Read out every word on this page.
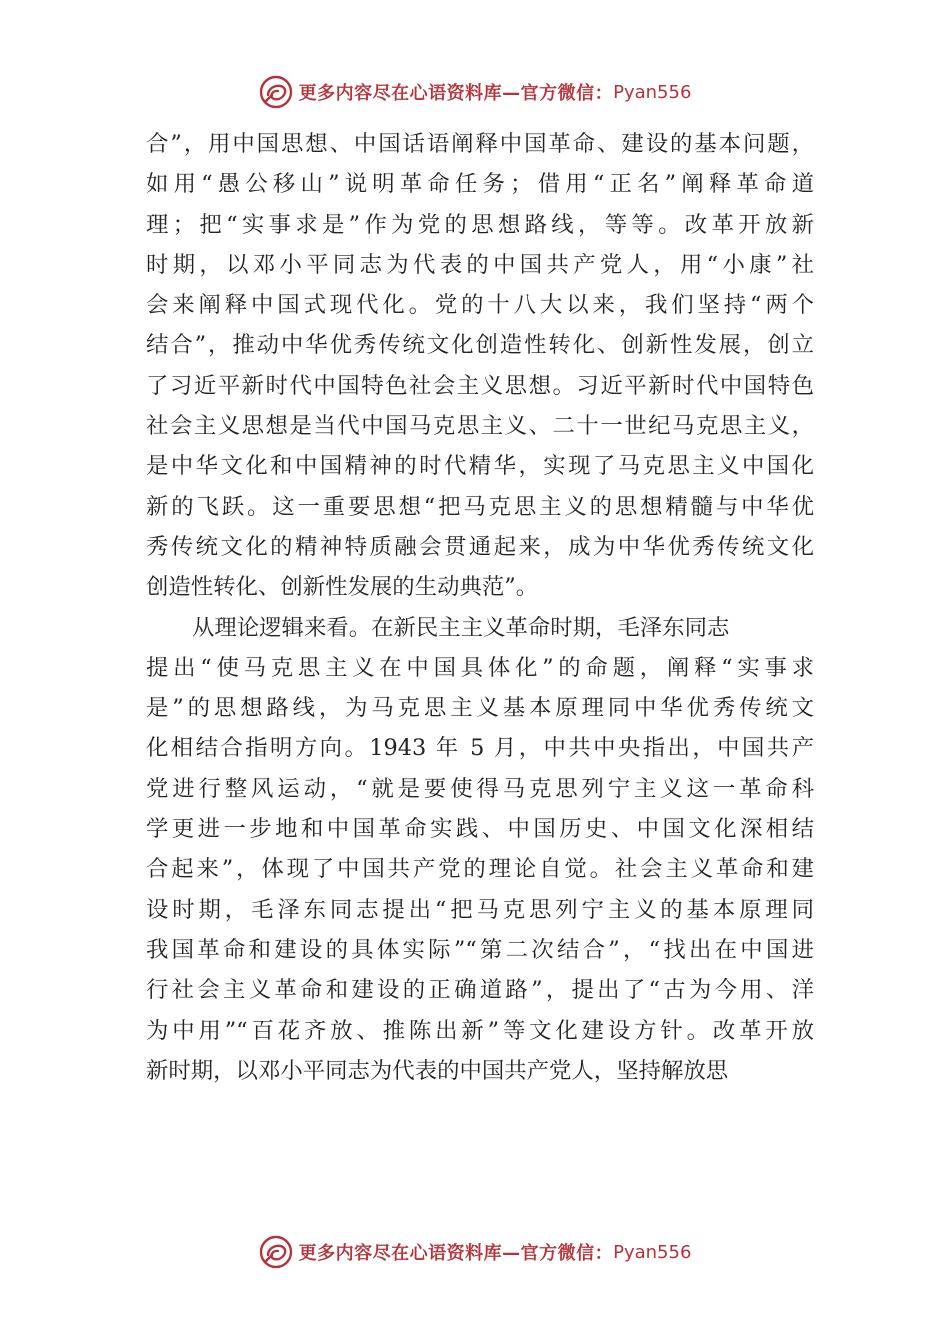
更多内容尽在心语资料库—官方微信： Pyan556
合”，用中国思想、中国话语阐释中国革命、建设的基本问题，
如用“愚公移山”说明革命任务；借用“正名”阐释革命道
理；把“实事求是”作为党的思想路线，等等。改革开放新
时期，以邓小平同志为代表的中国共产党人，用“小康”社
会来阐释中国式现代化。党的十八大以来，我们坚持“两个
结合”，推动中华优秀传统文化创造性转化、创新性发展，创立
了习近平新时代中国特色社会主义思想。习近平新时代中国特色
社会主义思想是当代中国马克思主义、二十一世纪马克思主义，
是中华文化和中国精神的时代精华，实现了马克思主义中国化
新的飞跃。这一重要思想“把马克思主义的思想精髓与中华优
秀传统文化的精神特质融会贯通起来，成为中华优秀传统文化
创造性转化、创新性发展的生动典范”。
从理论逻辑来看。在新民主主义革命时期，毛泽东同志
提出“使马克思主义在中国具体化”的命题，阐释“实事求
是”的思想路线，为马克思主义基本原理同中华优秀传统文
化相结合指明方向。1943 年 5 月，中共中央指出，中国共产
党进行整风运动，“就是要使得马克思列宁主义这一革命科
学更进一步地和中国革命实践、中国历史、中国文化深相结
合起来”，体现了中国共产党的理论自觉。社会主义革命和建
设时期，毛泽东同志提出“把马克思列宁主义的基本原理同
我国革命和建设的具体实际”“第二次结合”，“找出在中国进
行社会主义革命和建设的正确道路”，提出了“古为今用、洋
为中用”“百花齐放、推陈出新”等文化建设方针。改革开放
新时期，以邓小平同志为代表的中国共产党人，坚持解放思
更多内容尽在心语资料库—官方微信： Pyan556
